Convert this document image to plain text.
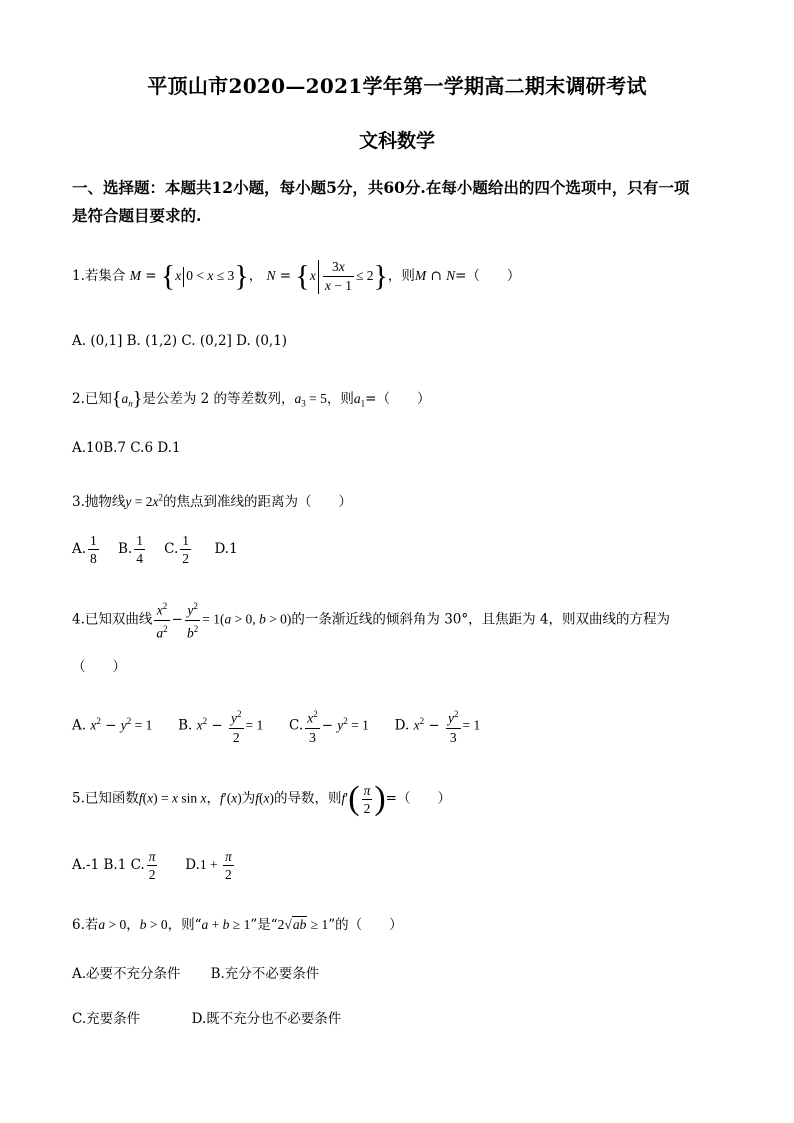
平顶山市2020—2021学年第一学期高二期末调研考试
文科数学
一、选择题：本题共12小题，每小题5分，共60分.在每小题给出的四个选项中，只有一项
是符合题目要求的.
1.若集合 M = {x 0 < x ≤ 3}， $N = \{x \frac{3x}{x - 1} \le 2\}$，则M ∩ N=（　　）
A. (0,1] B. (1,2) C. (0,2] D. (0,1)
2.已知$\{a_n\}$是公差为 2 的等差数列，$a_3 = 5$，则$a_1=$（　　）
A.10B.7 C.6 D.1
3.抛物线$y = 2x^2$的焦点到准线的距离为（　　）
A. $\frac{1}{8} B$. $\frac{1}{4} C$. $\frac{1}{2} D.1$
4.已知双曲线 $\frac{x^2}{a^2} - \frac{y^2}{b^2} = 1(a > 0$, b > 0)的一条渐近线的倾斜角为 30°，且焦距为 4，则双曲线的方程为
（　　）
A. $x^2 - y^2 = 1$      B. $x^2 - \frac{y^2}{2} = 1$ C. $\frac{x^2}{3} - y^2 = 1$ D. $x^2 - \frac{y^2}{3} = 1$
5.已知函数f(x) = x sin x，f′(x)为f(x)的导数，则$f'( \frac{\pi}{2}$ )=（　　）
A.-1 B.1 C. $\frac{\pi}{2} D.1 + \frac{\pi}{2}$
6.若a > 0，b > 0，则“a + b ≥ 1”是“2√ab ≥ 1”的（　　）
A.必要不充分条件 B.充分不必要条件
C.充要条件	D.既不充分也不必要条件
